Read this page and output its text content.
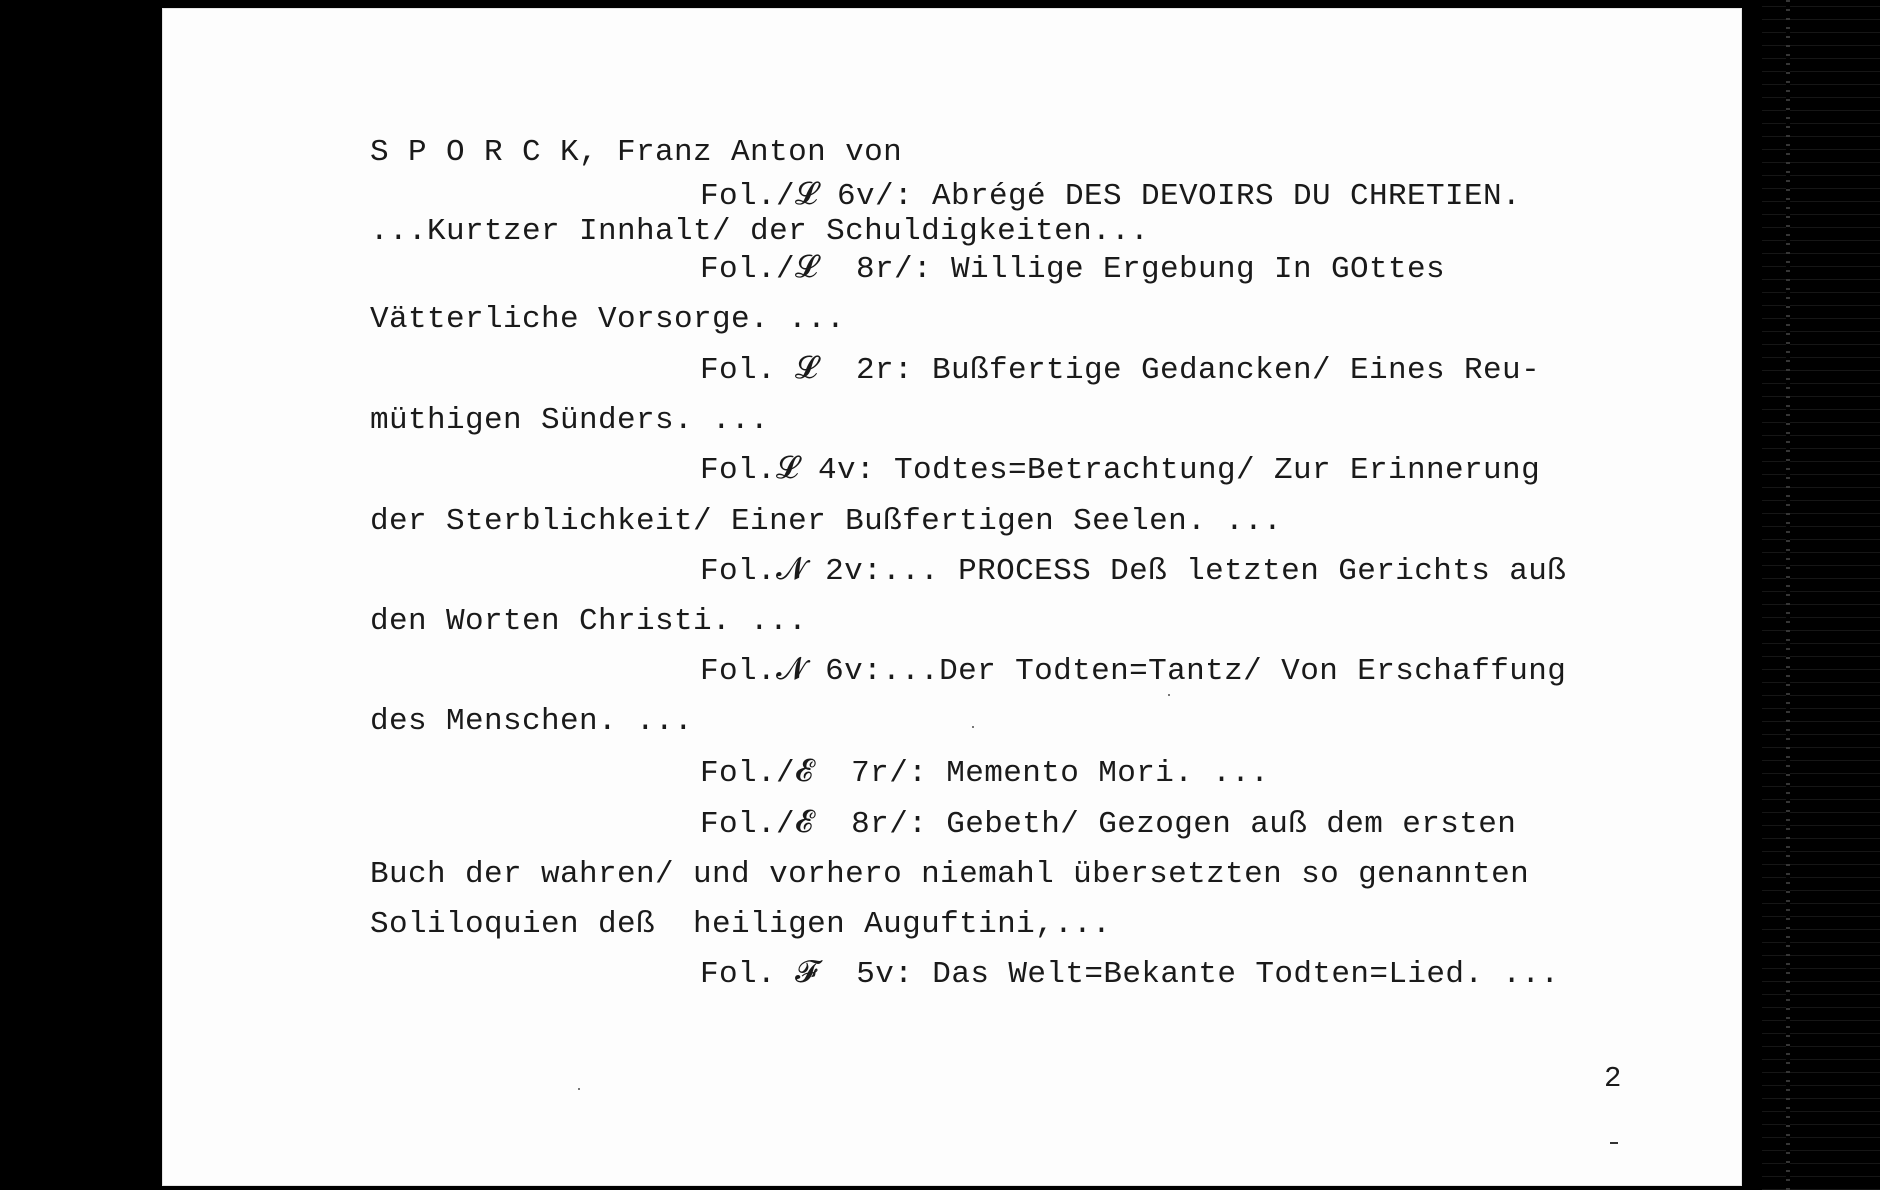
S P O R C K, Franz Anton von
Fol./𝓛 6v/: Abrégé DES DEVOIRS DU CHRETIEN.
...Kurtzer Innhalt/ der Schuldigkeiten...
Fol./𝓛  8r/: Willige Ergebung In GOttes
Vätterliche Vorsorge. ...
Fol. 𝓛  2r: Bußfertige Gedancken/ Eines Reu-
müthigen Sünders. ...
Fol.𝓛 4v: Todtes=Betrachtung/ Zur Erinnerung
der Sterblichkeit/ Einer Bußfertigen Seelen. ...
Fol.𝓝 2v:... PROCESS Deß letzten Gerichts auß
den Worten Christi. ...
Fol.𝓝 6v:...Der Todten=Tantz/ Von Erschaffung
des Menschen. ...
Fol./𝓔  7r/: Memento Mori. ...
Fol./𝓔  8r/: Gebeth/ Gezogen auß dem ersten
Buch der wahren/ und vorhero niemahl übersetzten so genannten
Soliloquien deß  heiligen Auguftini,...
Fol. 𝓕  5v: Das Welt=Bekante Todten=Lied. ...
2
